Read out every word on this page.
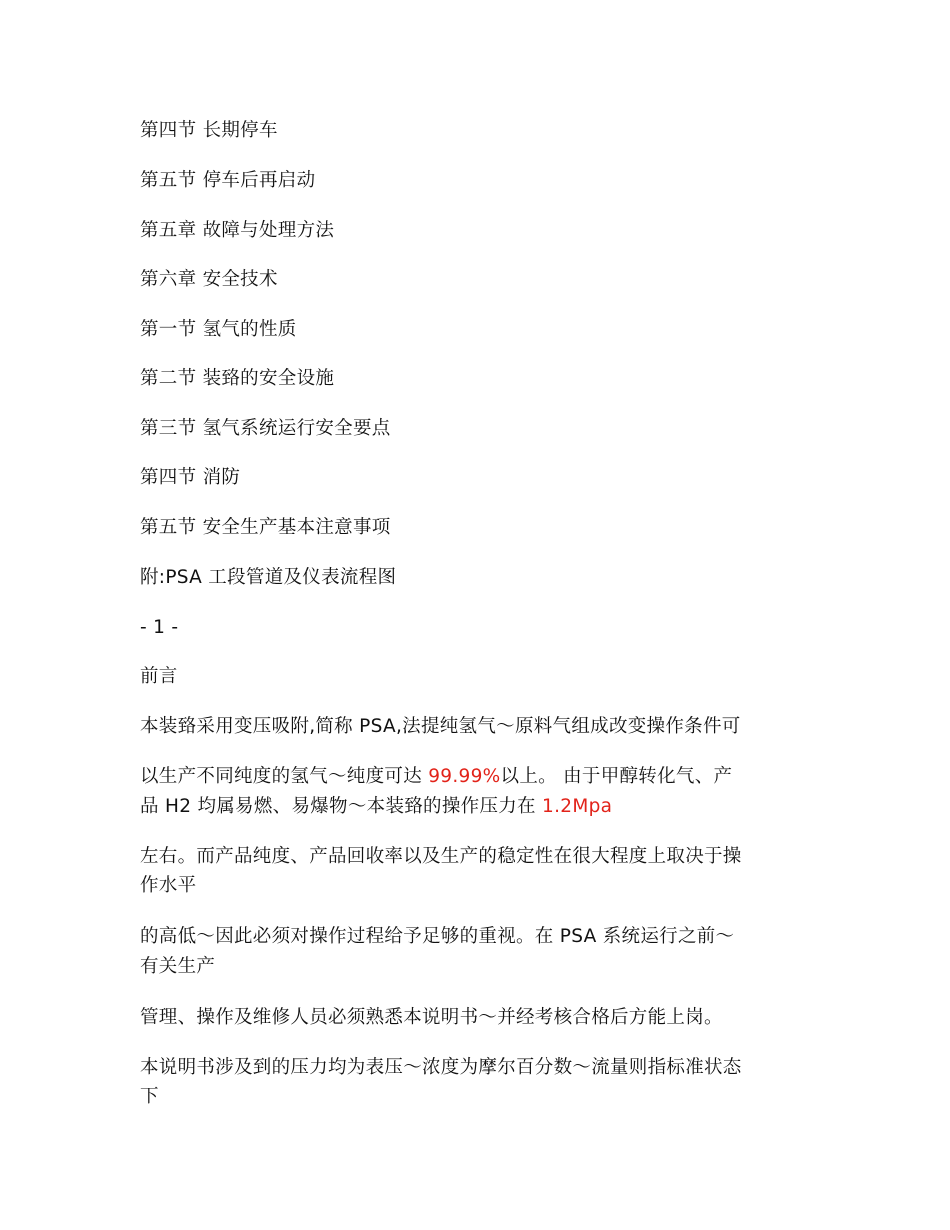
第四节 长期停车
第五节 停车后再启动
第五章 故障与处理方法
第六章 安全技术
第一节 氢气的性质
第二节 装臵的安全设施
第三节 氢气系统运行安全要点
第四节 消防
第五节 安全生产基本注意事项
附:PSA 工段管道及仪表流程图
- 1 -
前言
本装臵采用变压吸附,简称 PSA,法提纯氢气～原料气组成改变操作条件可
以生产不同纯度的氢气～纯度可达 99.99%以上。 由于甲醇转化气、产
品 H2 均属易燃、易爆物～本装臵的操作压力在 1.2Mpa
左右。而产品纯度、产品回收率以及生产的稳定性在很大程度上取决于操
作水平
的高低～因此必须对操作过程给予足够的重视。在 PSA 系统运行之前～
有关生产
管理、操作及维修人员必须熟悉本说明书～并经考核合格后方能上岗。
本说明书涉及到的压力均为表压～浓度为摩尔百分数～流量则指标准状态
下
